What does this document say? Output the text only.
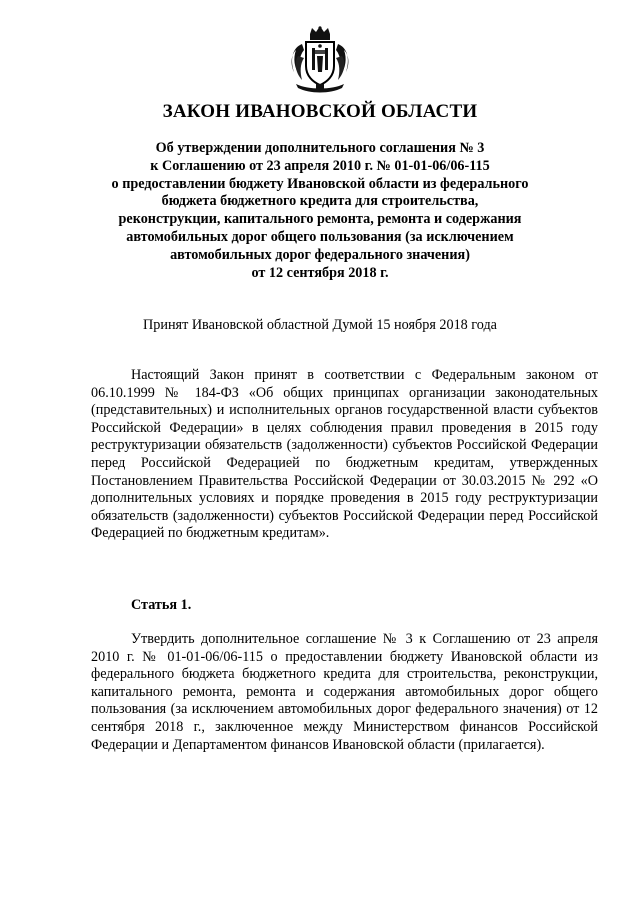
ЗАКОН ИВАНОВСКОЙ ОБЛАСТИ
Об утверждении дополнительного соглашения № 3
к Соглашению от 23 апреля 2010 г. № 01-01-06/06-115
о предоставлении бюджету Ивановской области из федерального
бюджета бюджетного кредита для строительства,
реконструкции, капитального ремонта, ремонта и содержания
автомобильных дорог общего пользования (за исключением
автомобильных дорог федерального значения)
от 12 сентября 2018 г.

Принят Ивановской областной Думой 15 ноября 2018 года

Настоящий Закон принят в соответствии с Федеральным законом от 06.10.1999 № 184-ФЗ «Об общих принципах организации законодательных (представительных) и исполнительных органов государственной власти субъектов Российской Федерации» в целях соблюдения правил проведения в 2015 году реструктуризации обязательств (задолженности) субъектов Российской Федерации перед Российской Федерацией по бюджетным кредитам, утвержденных Постановлением Правительства Российской Федерации от 30.03.2015 № 292 «О дополнительных условиях и порядке проведения в 2015 году реструктуризации обязательств (задолженности) субъектов Российской Федерации перед Российской Федерацией по бюджетным кредитам».

Статья 1.

Утвердить дополнительное соглашение № 3 к Соглашению от 23 апреля 2010 г. № 01-01-06/06-115 о предоставлении бюджету Ивановской области из федерального бюджета бюджетного кредита для строительства, реконструкции, капитального ремонта, ремонта и содержания автомобильных дорог общего пользования (за исключением автомобильных дорог федерального значения) от 12 сентября 2018 г., заключенное между Министерством финансов Российской Федерации и Департаментом финансов Ивановской области (прилагается).
